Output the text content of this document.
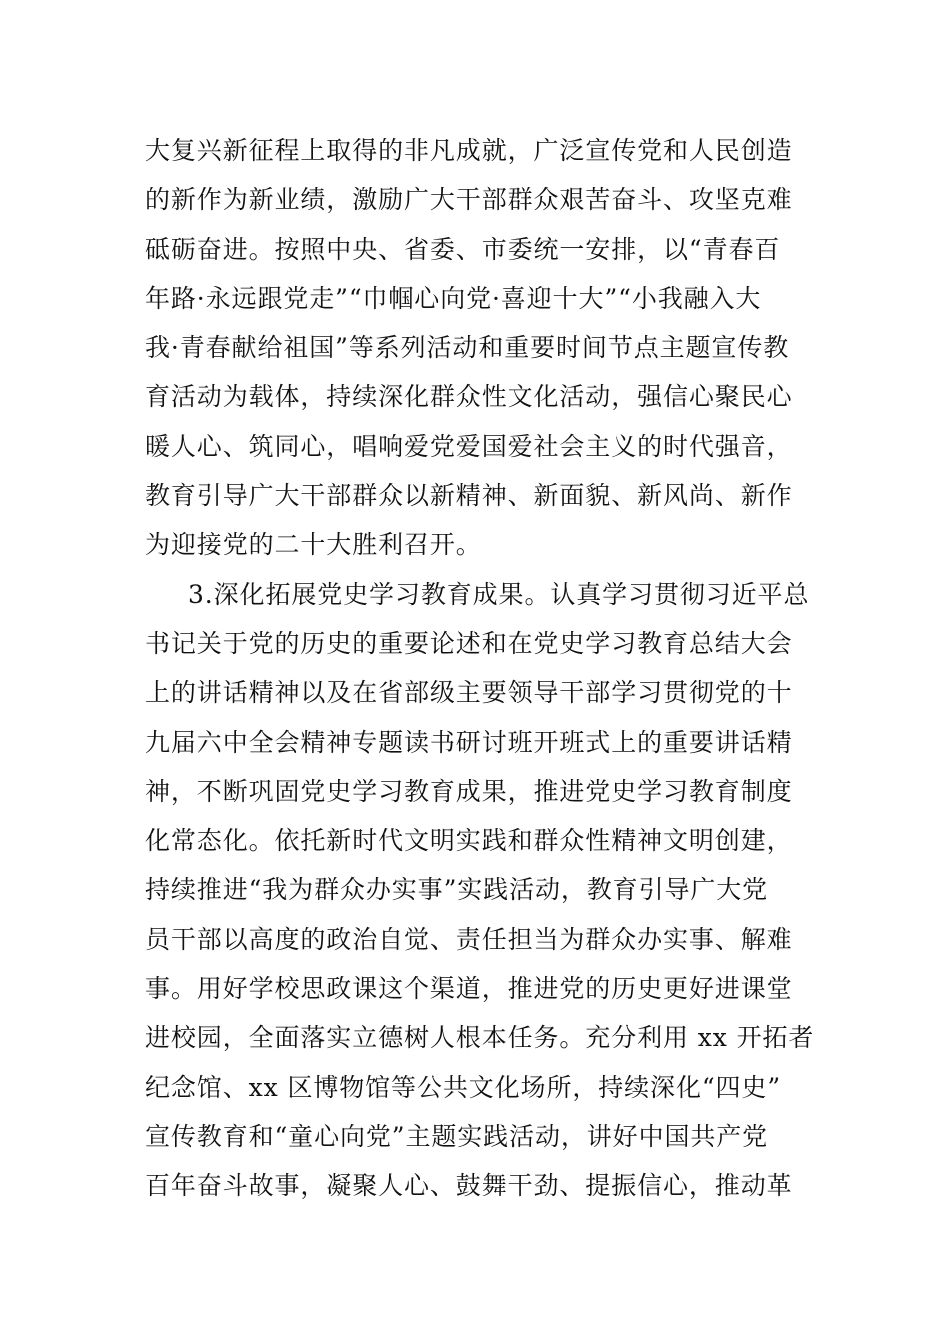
大复兴新征程上取得的非凡成就，广泛宣传党和人民创造
的新作为新业绩，激励广大干部群众艰苦奋斗、攻坚克难
砥砺奋进。按照中央、省委、市委统一安排，以“青春百
年路·永远跟党走”“巾帼心向党·喜迎十大”“小我融入大
我·青春献给祖国”等系列活动和重要时间节点主题宣传教
育活动为载体，持续深化群众性文化活动，强信心聚民心
暖人心、筑同心，唱响爱党爱国爱社会主义的时代强音，
教育引导广大干部群众以新精神、新面貌、新风尚、新作
为迎接党的二十大胜利召开。
3.深化拓展党史学习教育成果。认真学习贯彻习近平总
书记关于党的历史的重要论述和在党史学习教育总结大会
上的讲话精神以及在省部级主要领导干部学习贯彻党的十
九届六中全会精神专题读书研讨班开班式上的重要讲话精
神，不断巩固党史学习教育成果，推进党史学习教育制度
化常态化。依托新时代文明实践和群众性精神文明创建，
持续推进“我为群众办实事”实践活动，教育引导广大党
员干部以高度的政治自觉、责任担当为群众办实事、解难
事。用好学校思政课这个渠道，推进党的历史更好进课堂
进校园，全面落实立德树人根本任务。充分利用 xx 开拓者
纪念馆、xx 区博物馆等公共文化场所，持续深化“四史”
宣传教育和“童心向党”主题实践活动，讲好中国共产党
百年奋斗故事，凝聚人心、鼓舞干劲、提振信心，推动革
